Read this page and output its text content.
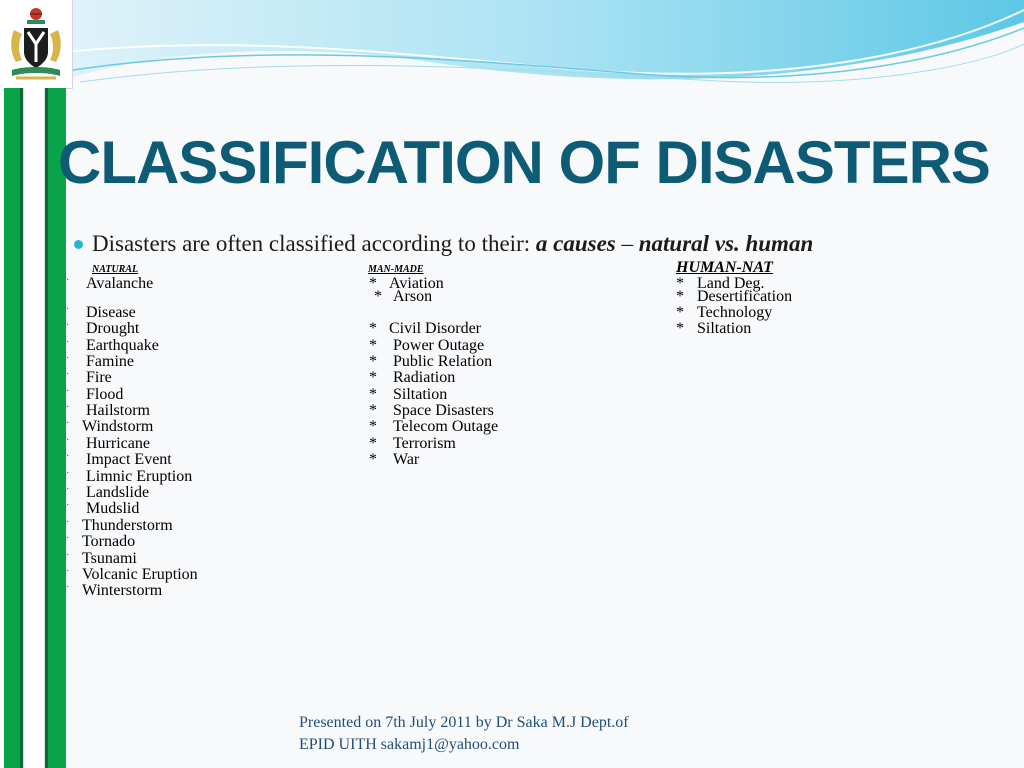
CLASSIFICATION OF DISASTERS
Disasters are often classified according to their: a causes – natural vs. human
NATURAL
· Avalanche
· Disease
· Drought
· Earthquake
· Famine
· Fire
· Flood
· Hailstorm
· Windstorm
· Hurricane
· Impact Event
· Limnic Eruption
· Landslide
· Mudslid
· Thunderstorm
· Tornado
· Tsunami
· Volcanic Eruption
· Winterstorm
MAN-MADE
* Aviation
* Arson
* Civil Disorder
* Power Outage
* Public Relation
* Radiation
* Siltation
* Space Disasters
* Telecom Outage
* Terrorism
* War
HUMAN-NAT
* Land Deg.
* Desertification
* Technology
* Siltation
Presented on 7th July 2011 by Dr Saka M.J Dept.of
EPID UITH sakamj1@yahoo.com
